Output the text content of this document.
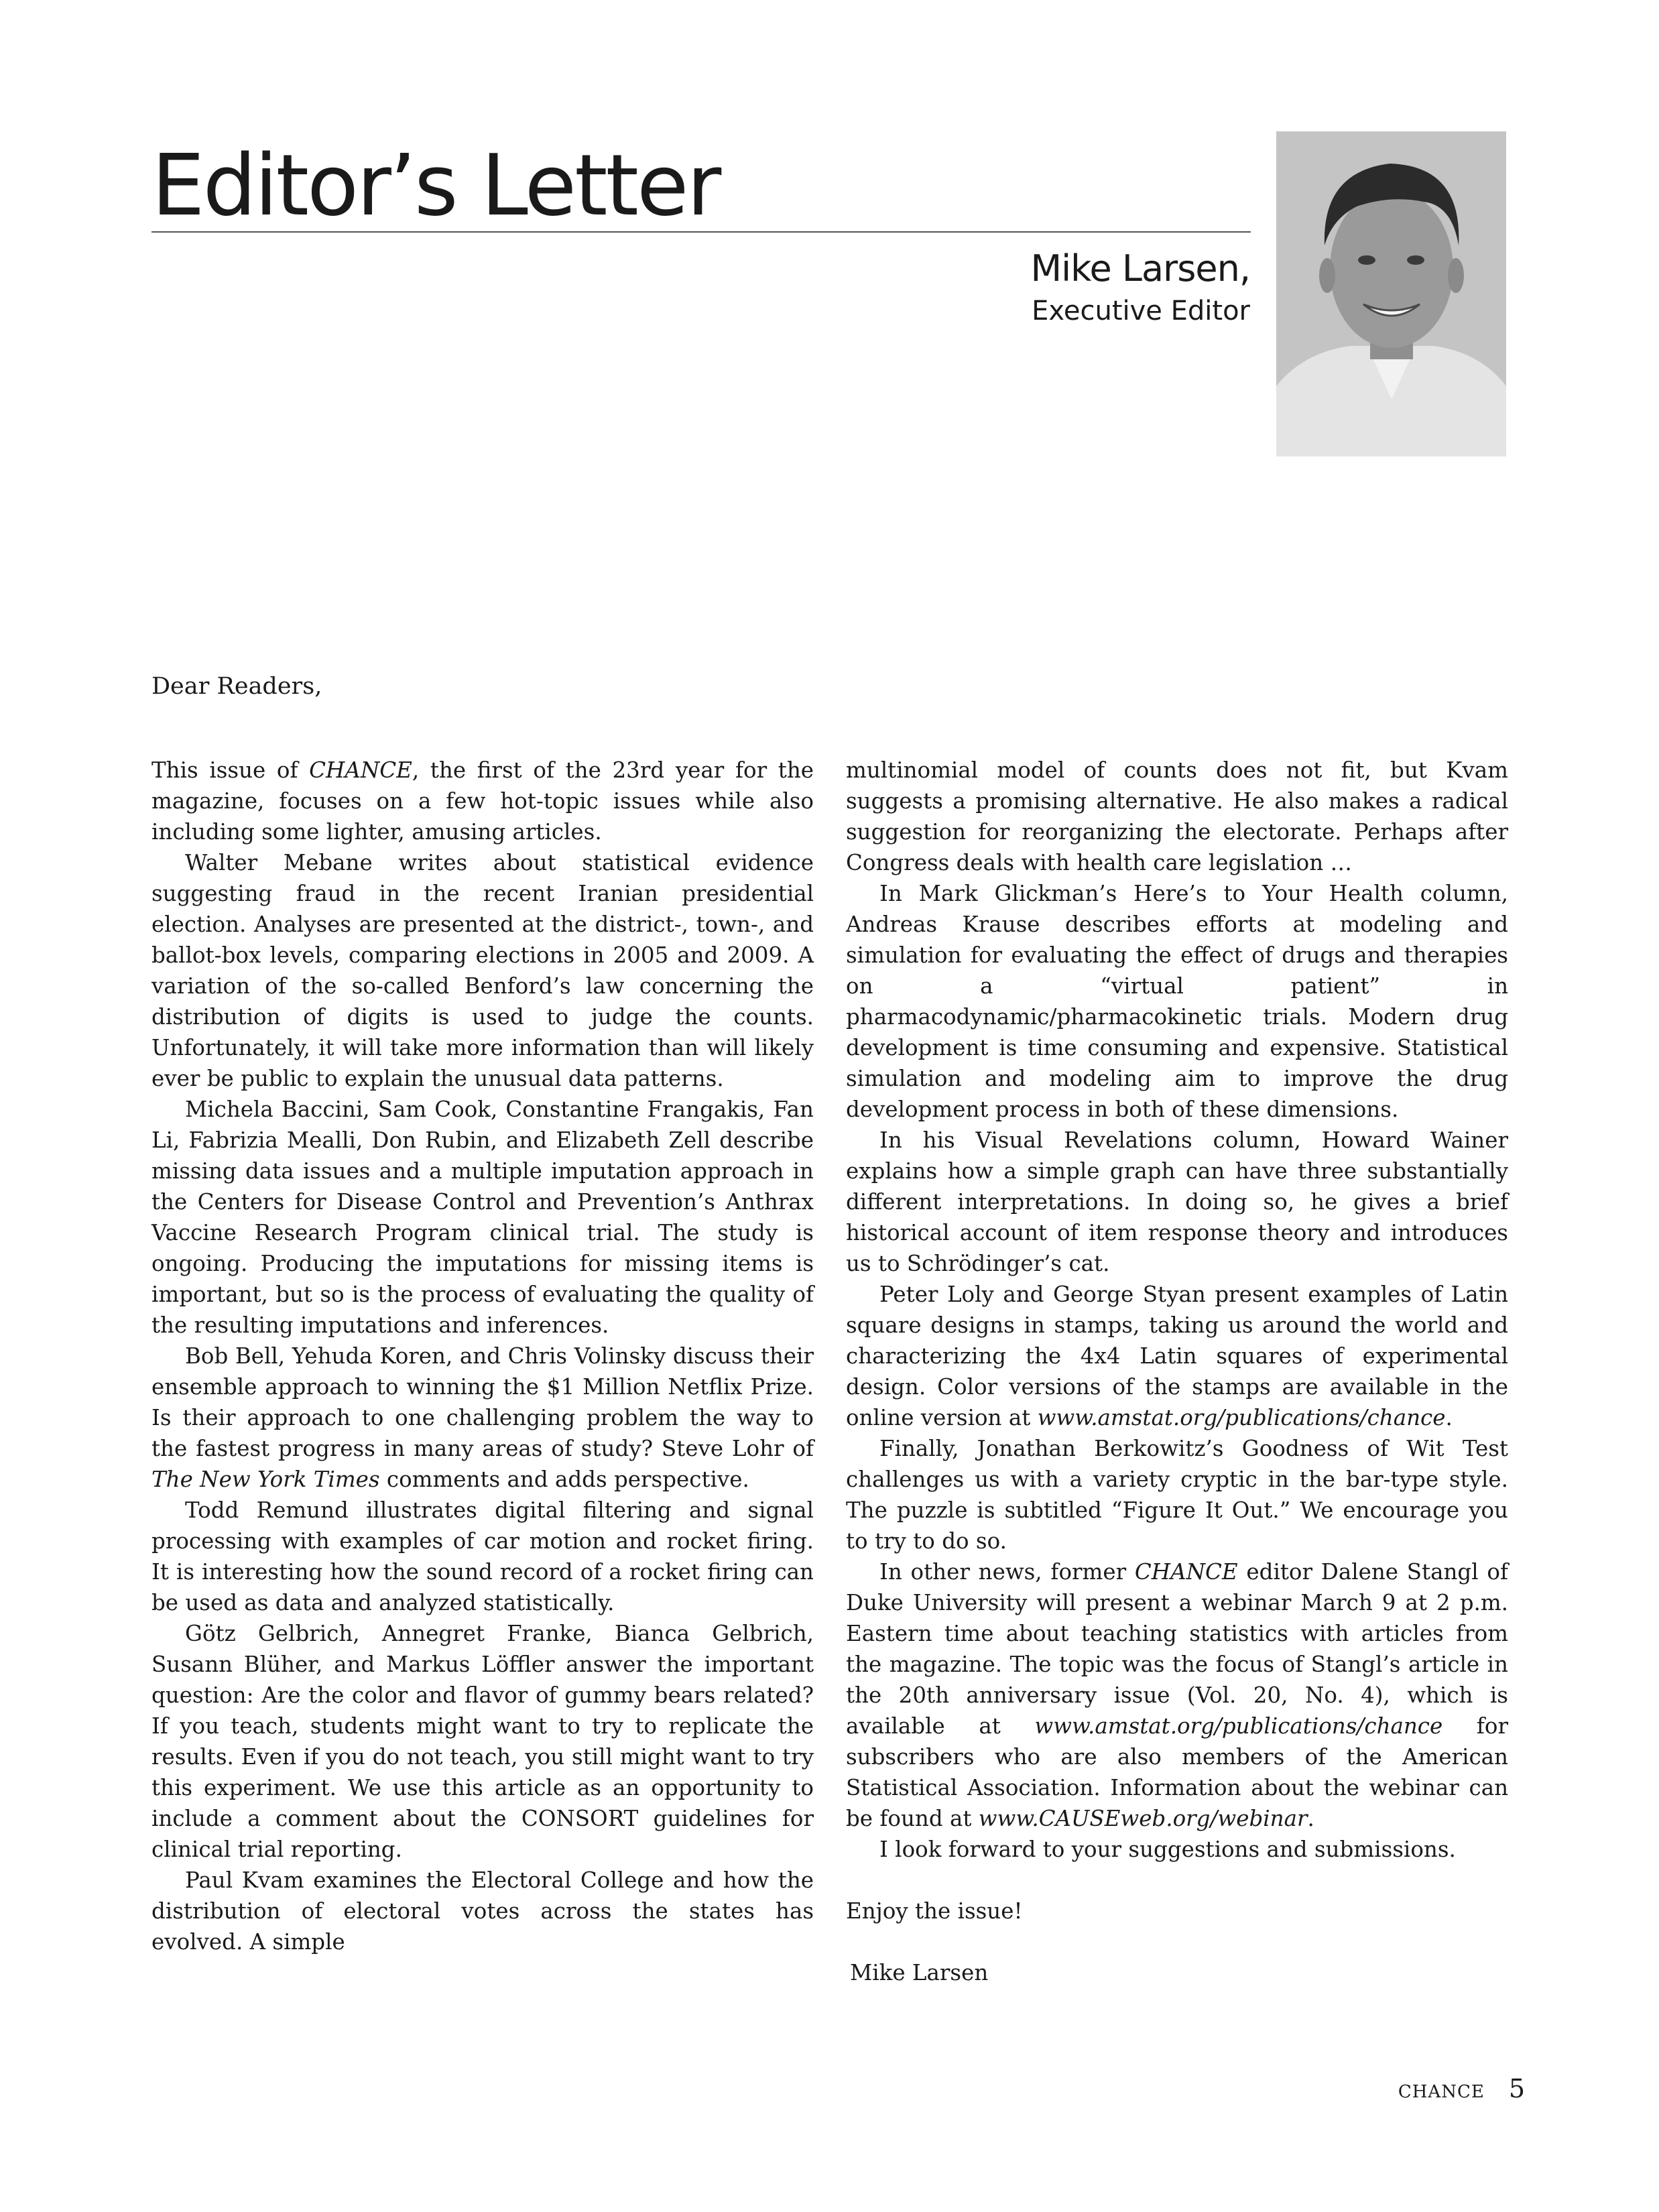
Editor’s Letter
Mike Larsen,
Executive Editor

Dear Readers,

This issue of CHANCE, the first of the 23rd year for the magazine, focuses on a few hot-topic issues while also including some lighter, amusing articles.

Walter Mebane writes about statistical evidence suggesting fraud in the recent Iranian presidential election. Analyses are presented at the district-, town-, and ballot-box levels, comparing elections in 2005 and 2009. A variation of the so-called Benford’s law concerning the distribution of digits is used to judge the counts. Unfortunately, it will take more information than will likely ever be public to explain the unusual data patterns.

Michela Baccini, Sam Cook, Constantine Frangakis, Fan Li, Fabrizia Mealli, Don Rubin, and Elizabeth Zell describe missing data issues and a multiple imputation approach in the Centers for Disease Control and Prevention’s Anthrax Vaccine Research Program clinical trial. The study is ongoing. Producing the imputations for missing items is important, but so is the process of evaluating the quality of the resulting imputations and inferences.

Bob Bell, Yehuda Koren, and Chris Volinsky discuss their ensemble approach to winning the $1 Million Netflix Prize. Is their approach to one challenging problem the way to the fastest progress in many areas of study? Steve Lohr of The New York Times comments and adds perspective.

Todd Remund illustrates digital filtering and signal processing with examples of car motion and rocket firing. It is interesting how the sound record of a rocket firing can be used as data and analyzed statistically.

Götz Gelbrich, Annegret Franke, Bianca Gelbrich, Susann Blüher, and Markus Löffler answer the important question: Are the color and flavor of gummy bears related? If you teach, students might want to try to replicate the results. Even if you do not teach, you still might want to try this experiment. We use this article as an opportunity to include a comment about the CONSORT guidelines for clinical trial reporting.

Paul Kvam examines the Electoral College and how the distribution of electoral votes across the states has evolved. A simple

multinomial model of counts does not fit, but Kvam suggests a promising alternative. He also makes a radical suggestion for reorganizing the electorate. Perhaps after Congress deals with health care legislation …

In Mark Glickman’s Here’s to Your Health column, Andreas Krause describes efforts at modeling and simulation for evaluating the effect of drugs and therapies on a “virtual patient” in pharmacodynamic/pharmacokinetic trials. Modern drug development is time consuming and expensive. Statistical simulation and modeling aim to improve the drug development process in both of these dimensions.

In his Visual Revelations column, Howard Wainer explains how a simple graph can have three substantially different interpretations. In doing so, he gives a brief historical account of item response theory and introduces us to Schrödinger’s cat.

Peter Loly and George Styan present examples of Latin square designs in stamps, taking us around the world and characterizing the 4x4 Latin squares of experimental design. Color versions of the stamps are available in the online version at www.amstat.org/publications/chance.

Finally, Jonathan Berkowitz’s Goodness of Wit Test challenges us with a variety cryptic in the bar-type style. The puzzle is subtitled “Figure It Out.” We encourage you to try to do so.

In other news, former CHANCE editor Dalene Stangl of Duke University will present a webinar March 9 at 2 p.m. Eastern time about teaching statistics with articles from the magazine. The topic was the focus of Stangl’s article in the 20th anniversary issue (Vol. 20, No. 4), which is available at www.amstat.org/publications/chance for subscribers who are also members of the American Statistical Association. Information about the webinar can be found at www.CAUSEweb.org/webinar.

I look forward to your suggestions and submissions.

Enjoy the issue!

Mike Larsen

CHANCE 5
